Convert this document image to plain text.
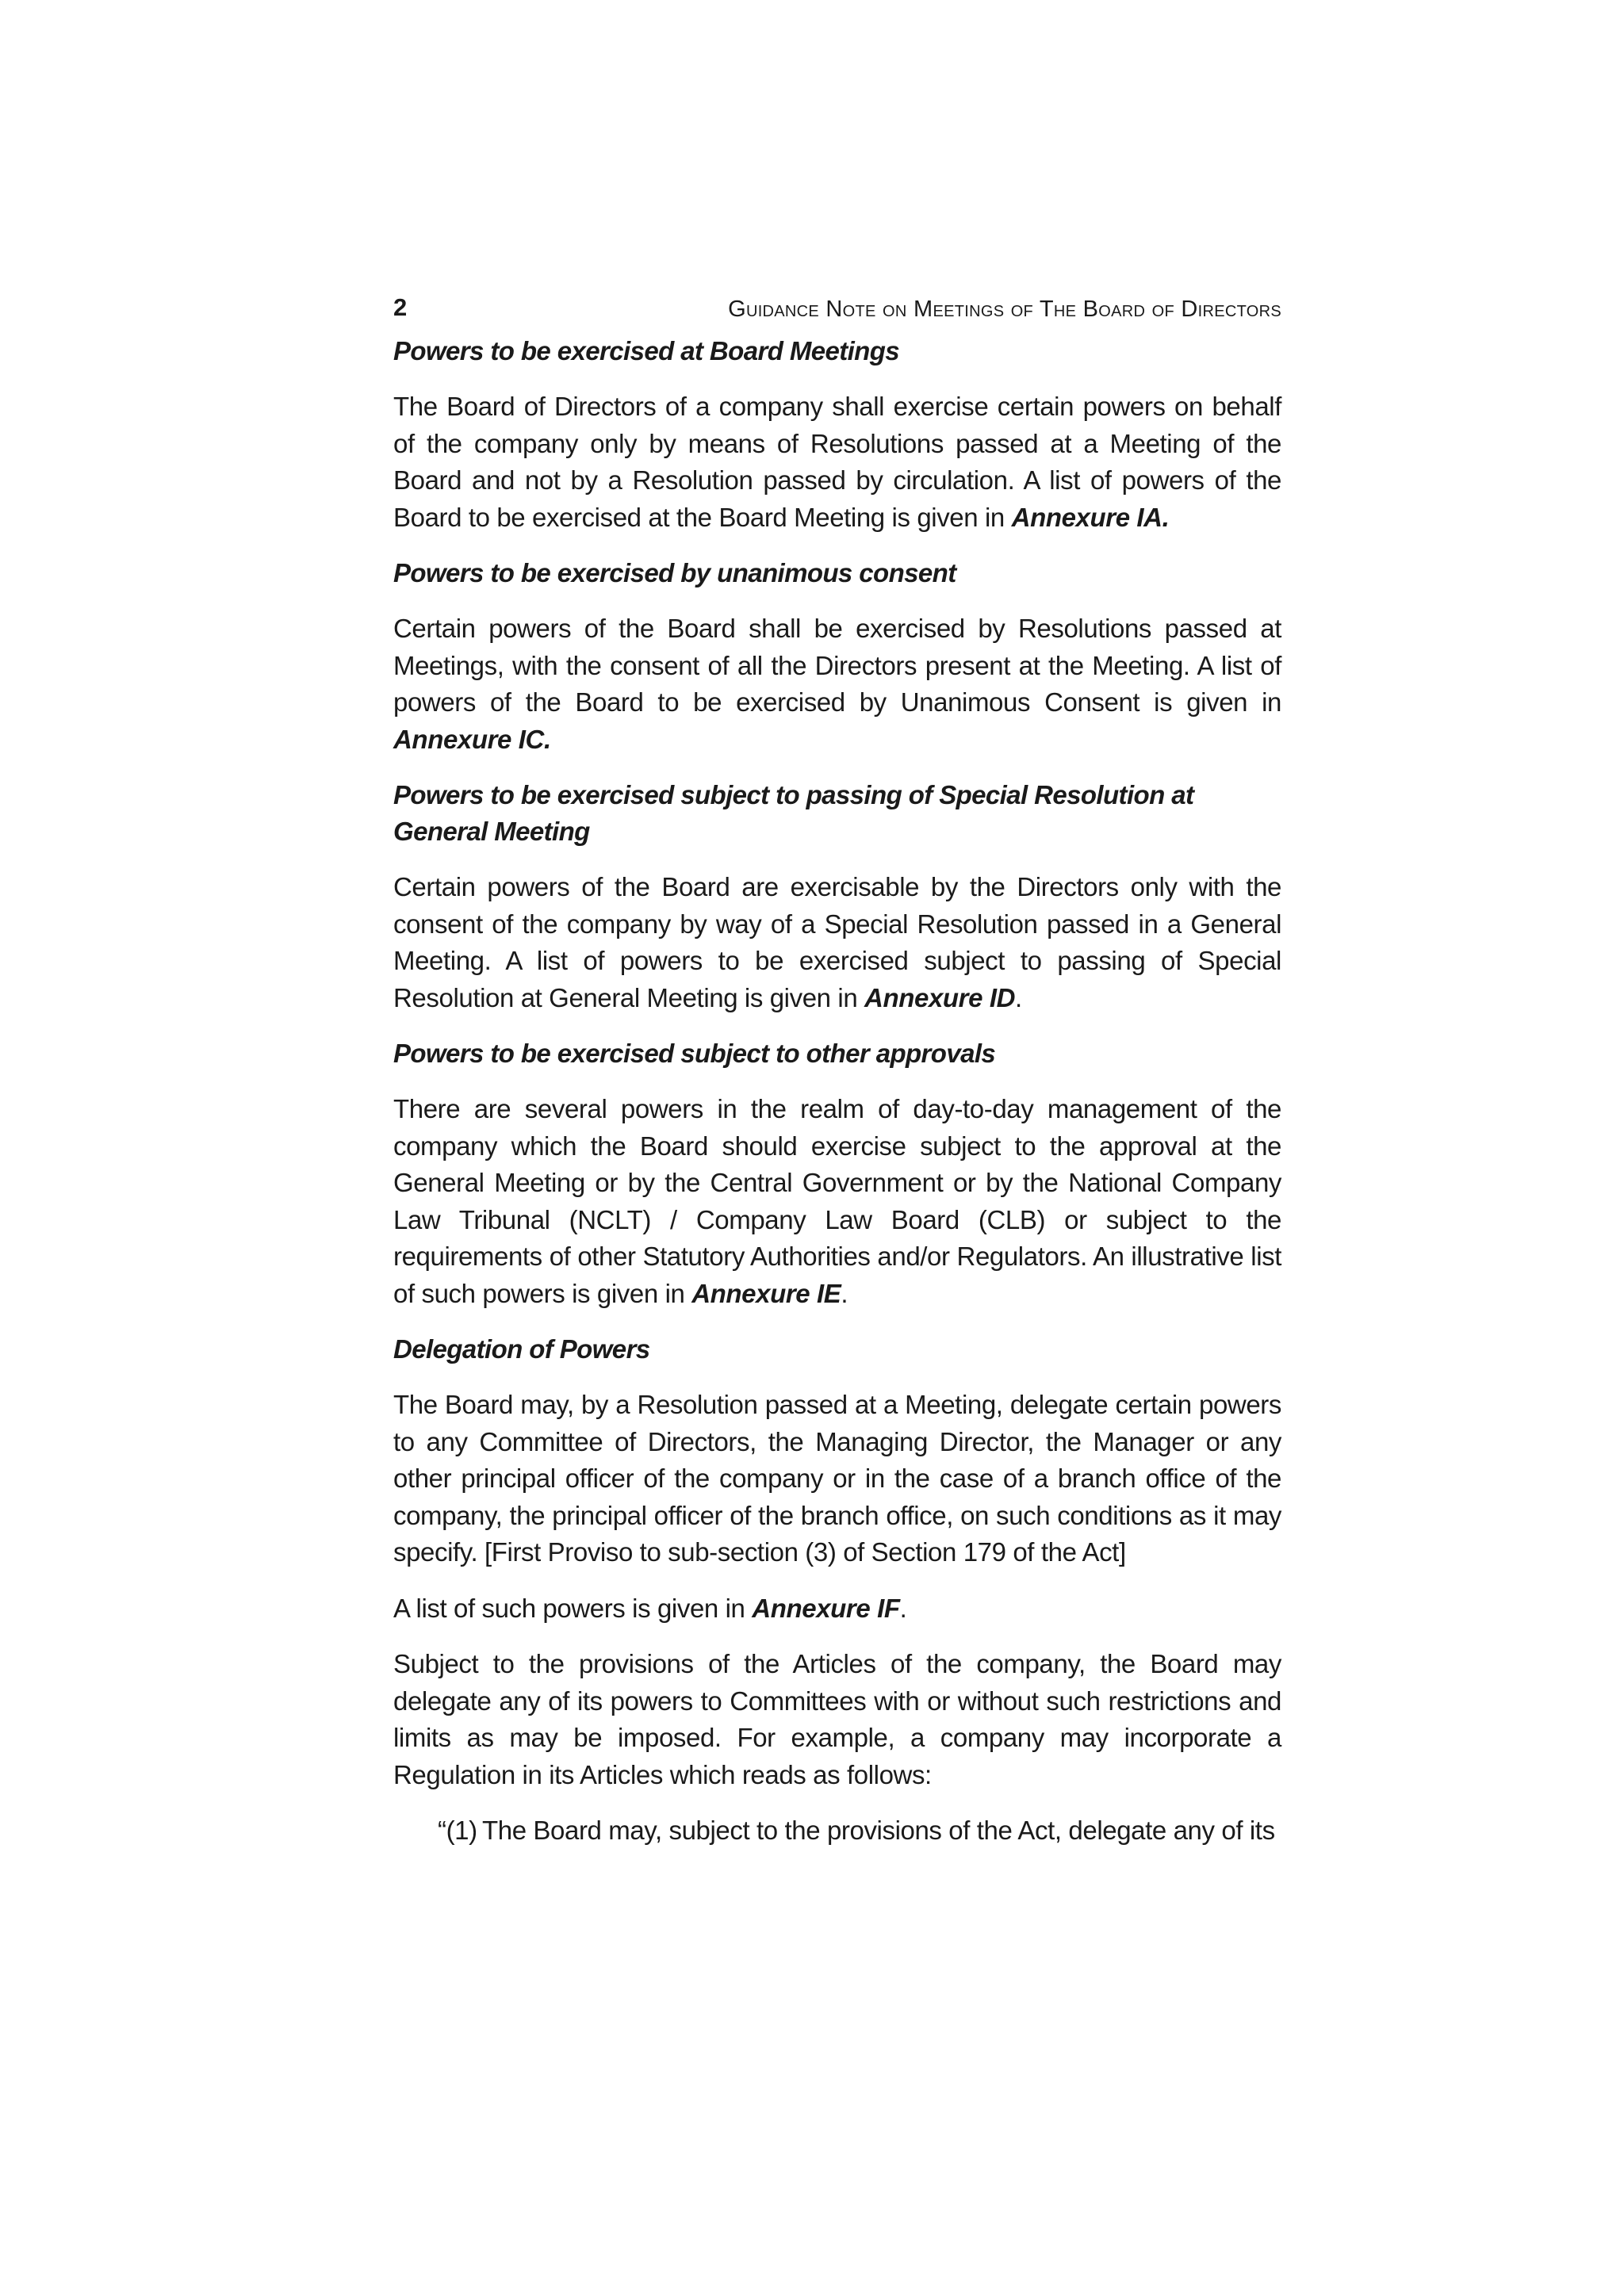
2	Guidance Note on Meetings of The Board of Directors
Powers to be exercised at Board Meetings

The Board of Directors of a company shall exercise certain powers on behalf of the company only by means of Resolutions passed at a Meeting of the Board and not by a Resolution passed by circulation. A list of powers of the Board to be exercised at the Board Meeting is given in Annexure IA.

Powers to be exercised by unanimous consent

Certain powers of the Board shall be exercised by Resolutions passed at Meetings, with the consent of all the Directors present at the Meeting. A list of powers of the Board to be exercised by Unanimous Consent is given in Annexure IC.

Powers to be exercised subject to passing of Special Resolution at General Meeting

Certain powers of the Board are exercisable by the Directors only with the consent of the company by way of a Special Resolution passed in a General Meeting. A list of powers to be exercised subject to passing of Special Resolution at General Meeting is given in Annexure ID.

Powers to be exercised subject to other approvals

There are several powers in the realm of day-to-day management of the company which the Board should exercise subject to the approval at the General Meeting or by the Central Government or by the National Company Law Tribunal (NCLT) / Company Law Board (CLB) or subject to the requirements of other Statutory Authorities and/or Regulators. An illustrative list of such powers is given in Annexure IE.

Delegation of Powers

The Board may, by a Resolution passed at a Meeting, delegate certain powers to any Committee of Directors, the Managing Director, the Manager or any other principal officer of the company or in the case of a branch office of the company, the principal officer of the branch office, on such conditions as it may specify. [First Proviso to sub-section (3) of Section 179 of the Act]

A list of such powers is given in Annexure IF.

Subject to the provisions of the Articles of the company, the Board may delegate any of its powers to Committees with or without such restrictions and limits as may be imposed. For example, a company may incorporate a Regulation in its Articles which reads as follows:

“(1) The Board may, subject to the provisions of the Act, delegate any of its
